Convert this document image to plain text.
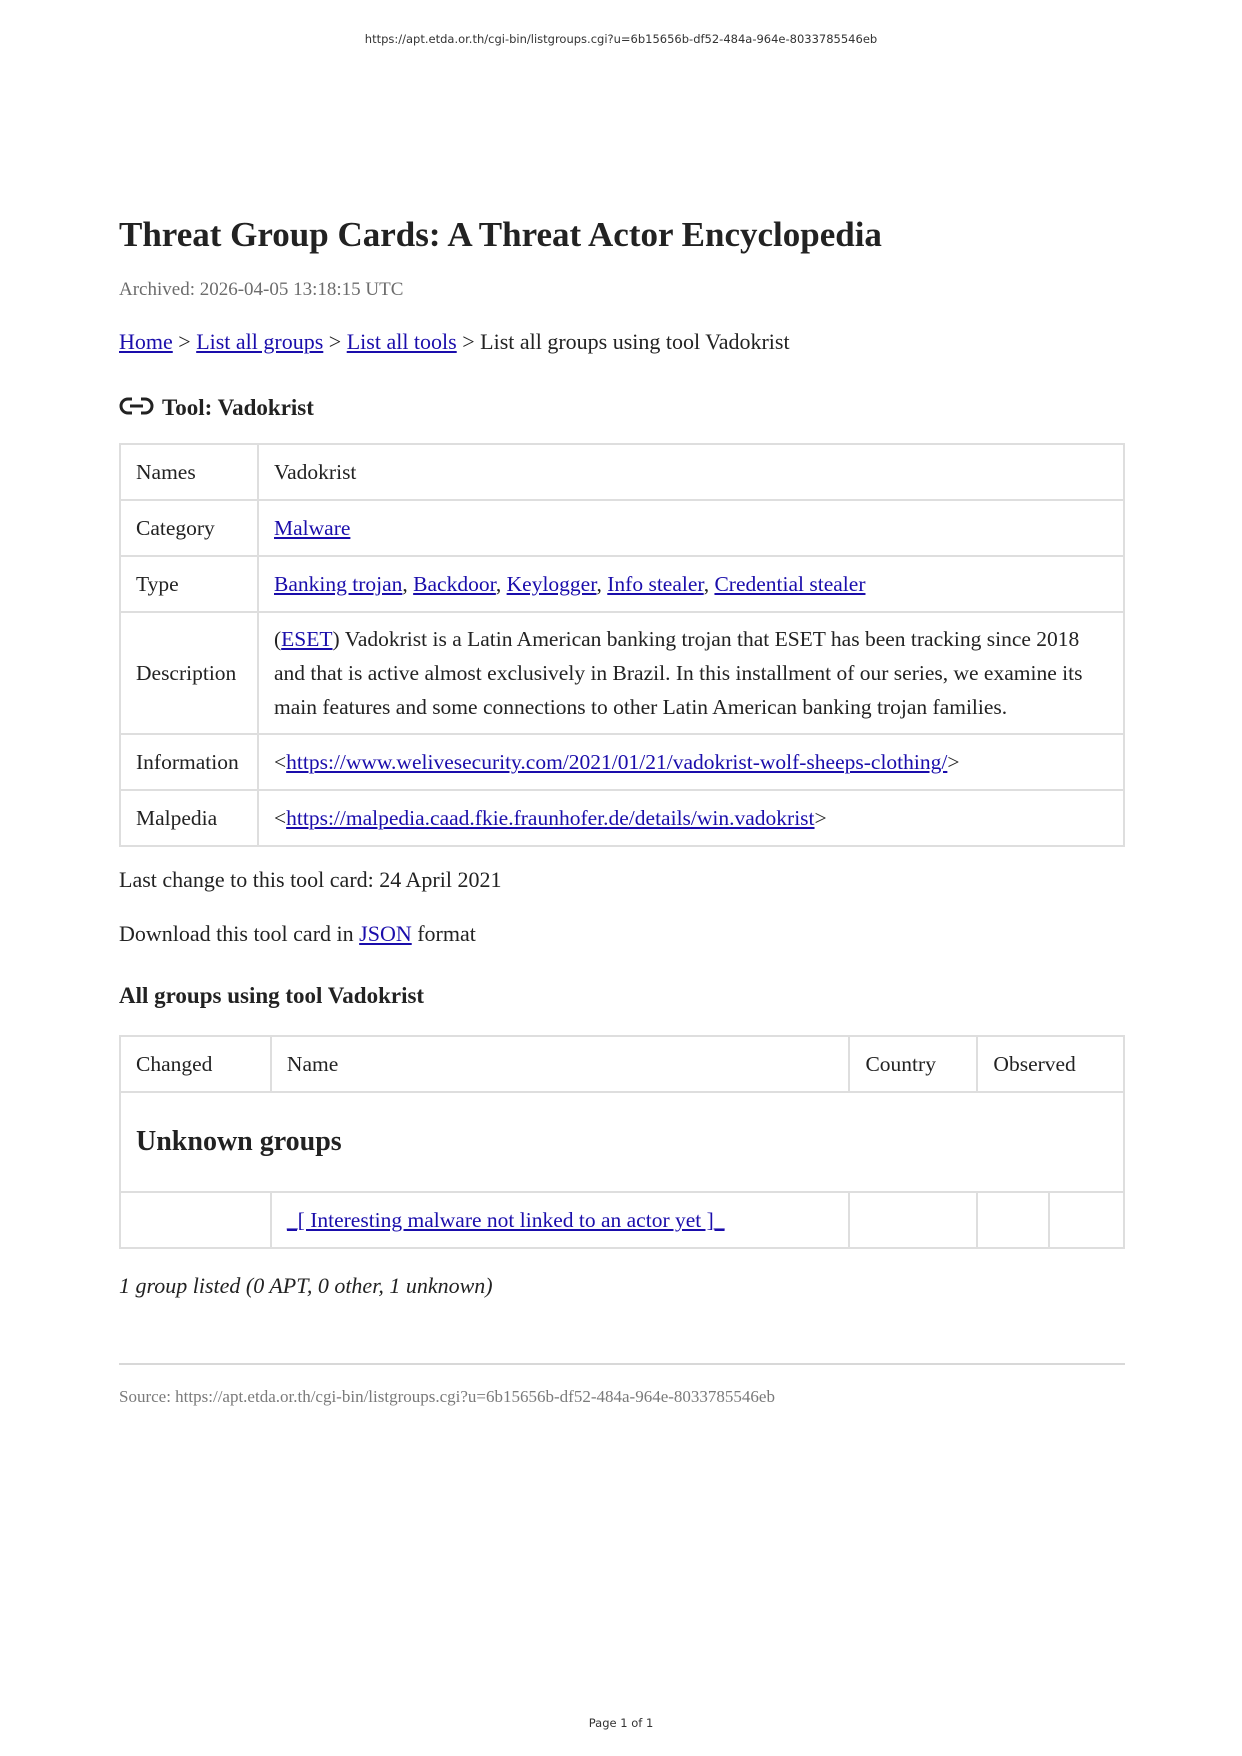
https://apt.etda.or.th/cgi-bin/listgroups.cgi?u=6b15656b-df52-484a-964e-8033785546eb
Threat Group Cards: A Threat Actor Encyclopedia
Archived: 2026-04-05 13:18:15 UTC
Home > List all groups > List all tools > List all groups using tool Vadokrist
Tool: Vadokrist
Names	Vadokrist
Category	Malware
Type	Banking trojan, Backdoor, Keylogger, Info stealer, Credential stealer
Description	(ESET) Vadokrist is a Latin American banking trojan that ESET has been tracking since 2018 and that is active almost exclusively in Brazil. In this installment of our series, we examine its main features and some connections to other Latin American banking trojan families.
Information	<https://www.welivesecurity.com/2021/01/21/vadokrist-wolf-sheeps-clothing/>
Malpedia	<https://malpedia.caad.fkie.fraunhofer.de/details/win.vadokrist>
Last change to this tool card: 24 April 2021
Download this tool card in JSON format
All groups using tool Vadokrist
Changed	Name	Country	Observed	
Unknown groups				
	_[ Interesting malware not linked to an actor yet ]_			
1 group listed (0 APT, 0 other, 1 unknown)
Source: https://apt.etda.or.th/cgi-bin/listgroups.cgi?u=6b15656b-df52-484a-964e-8033785546eb
Page 1 of 1
